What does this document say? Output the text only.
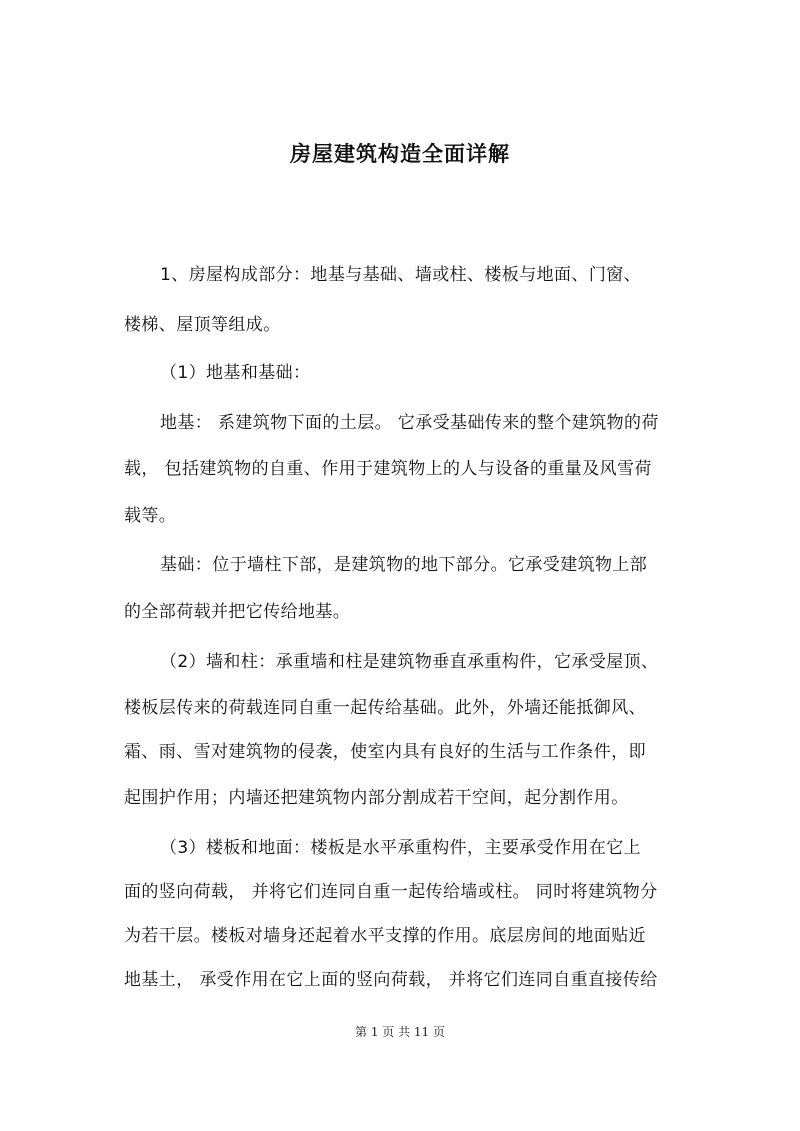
房屋建筑构造全面详解
1、房屋构成部分：地基与基础、墙或柱、楼板与地面、门窗、
楼梯、屋顶等组成。
（1）地基和基础：
地基： 系建筑物下面的土层。 它承受基础传来的整个建筑物的荷
载， 包括建筑物的自重、作用于建筑物上的人与设备的重量及风雪荷
载等。
基础：位于墙柱下部，是建筑物的地下部分。它承受建筑物上部
的全部荷载并把它传给地基。
（2）墙和柱：承重墙和柱是建筑物垂直承重构件，它承受屋顶、
楼板层传来的荷载连同自重一起传给基础。此外，外墙还能抵御风、
霜、雨、雪对建筑物的侵袭，使室内具有良好的生活与工作条件，即
起围护作用；内墙还把建筑物内部分割成若干空间，起分割作用。
（3）楼板和地面：楼板是水平承重构件，主要承受作用在它上
面的竖向荷载， 并将它们连同自重一起传给墙或柱。 同时将建筑物分
为若干层。楼板对墙身还起着水平支撑的作用。底层房间的地面贴近
地基土， 承受作用在它上面的竖向荷载， 并将它们连同自重直接传给
第 1 页 共 11 页
